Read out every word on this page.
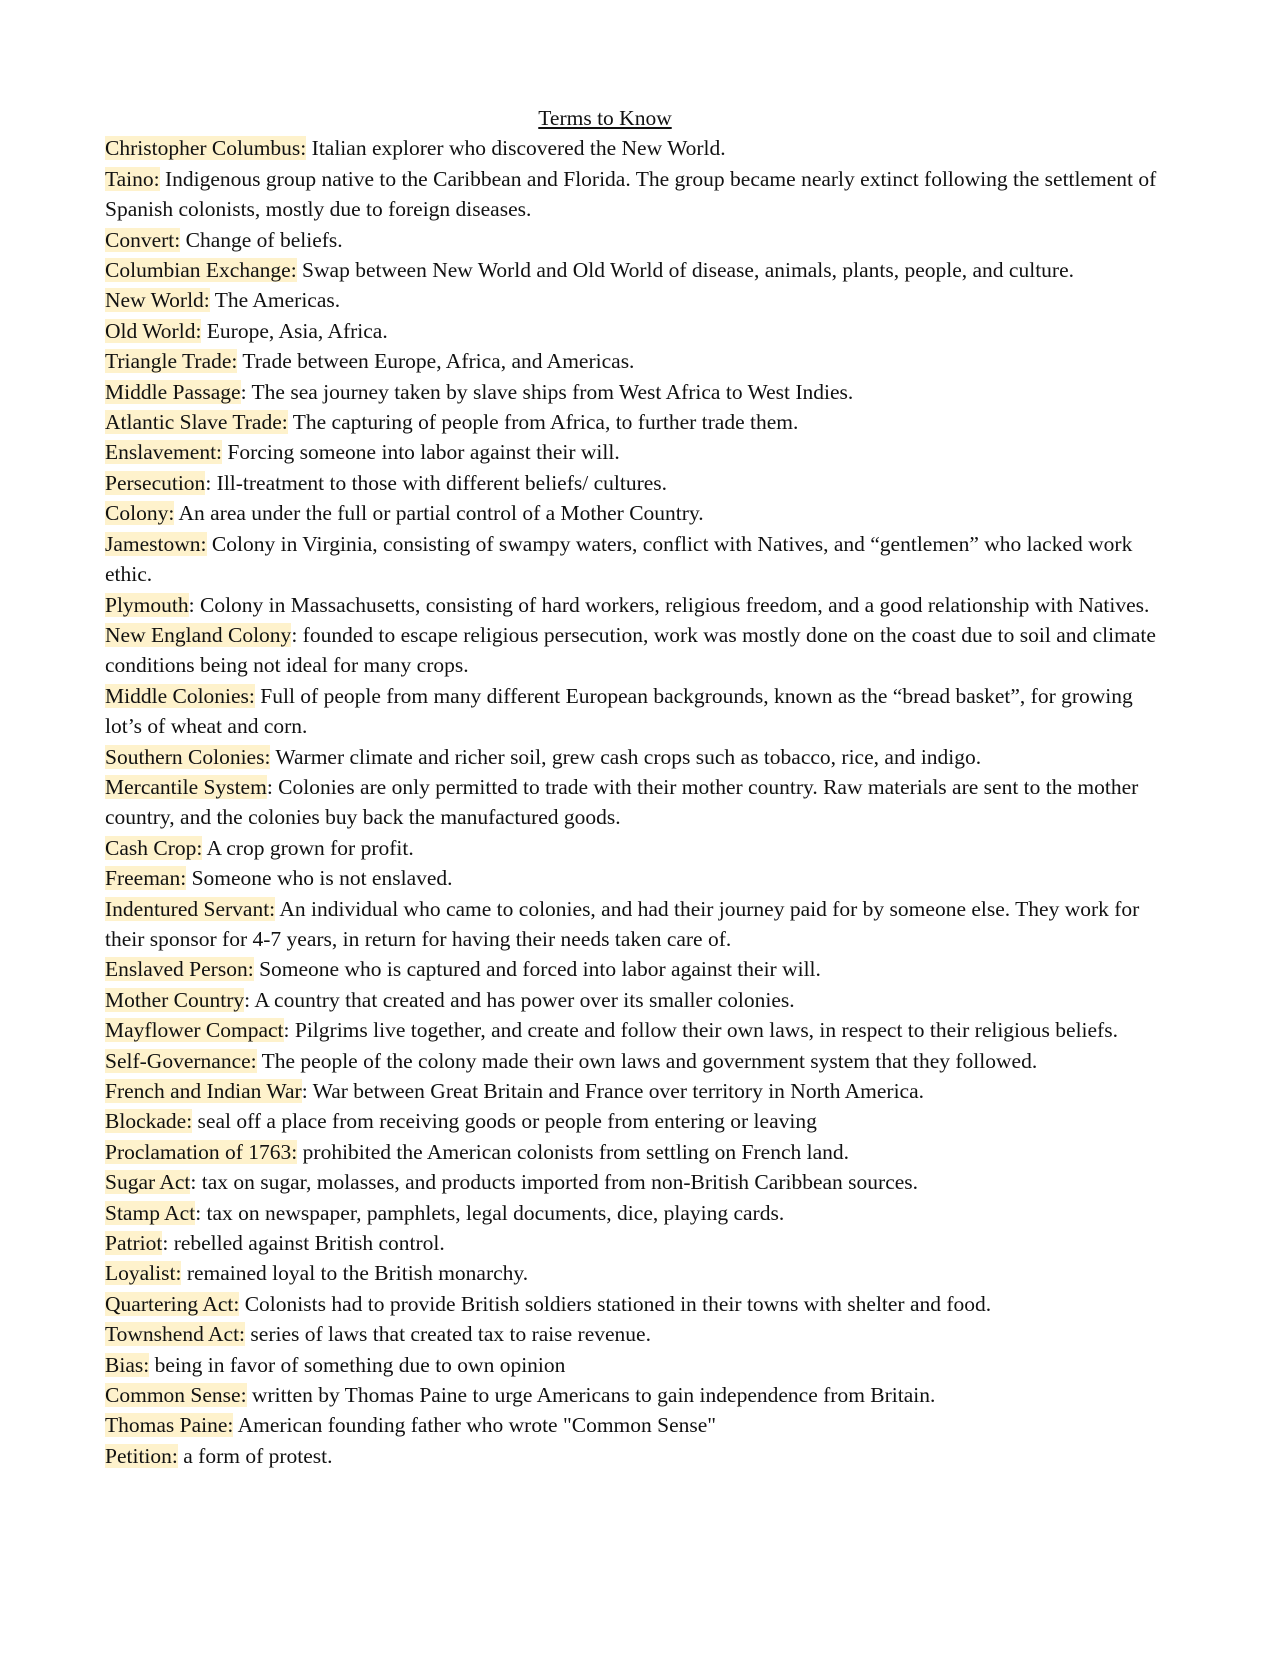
Terms to Know
Christopher Columbus: Italian explorer who discovered the New World.
Taino: Indigenous group native to the Caribbean and Florida. The group became nearly extinct following the settlement of Spanish colonists, mostly due to foreign diseases.
Convert: Change of beliefs.
Columbian Exchange: Swap between New World and Old World of disease, animals, plants, people, and culture.
New World: The Americas.
Old World: Europe, Asia, Africa.
Triangle Trade: Trade between Europe, Africa, and Americas.
Middle Passage: The sea journey taken by slave ships from West Africa to West Indies.
Atlantic Slave Trade: The capturing of people from Africa, to further trade them.
Enslavement: Forcing someone into labor against their will.
Persecution: Ill-treatment to those with different beliefs/ cultures.
Colony: An area under the full or partial control of a Mother Country.
Jamestown: Colony in Virginia, consisting of swampy waters, conflict with Natives, and “gentlemen” who lacked work ethic.
Plymouth: Colony in Massachusetts, consisting of hard workers, religious freedom, and a good relationship with Natives.
New England Colony: founded to escape religious persecution, work was mostly done on the coast due to soil and climate conditions being not ideal for many crops.
Middle Colonies: Full of people from many different European backgrounds, known as the “bread basket”, for growing lot’s of wheat and corn.
Southern Colonies: Warmer climate and richer soil, grew cash crops such as tobacco, rice, and indigo.
Mercantile System: Colonies are only permitted to trade with their mother country. Raw materials are sent to the mother country, and the colonies buy back the manufactured goods.
Cash Crop: A crop grown for profit.
Freeman: Someone who is not enslaved.
Indentured Servant: An individual who came to colonies, and had their journey paid for by someone else. They work for their sponsor for 4-7 years, in return for having their needs taken care of.
Enslaved Person: Someone who is captured and forced into labor against their will.
Mother Country: A country that created and has power over its smaller colonies.
Mayflower Compact: Pilgrims live together, and create and follow their own laws, in respect to their religious beliefs.
Self-Governance: The people of the colony made their own laws and government system that they followed.
French and Indian War: War between Great Britain and France over territory in North America.
Blockade: seal off a place from receiving goods or people from entering or leaving
Proclamation of 1763: prohibited the American colonists from settling on French land.
Sugar Act: tax on sugar, molasses, and products imported from non-British Caribbean sources.
Stamp Act: tax on newspaper, pamphlets, legal documents, dice, playing cards.
Patriot: rebelled against British control.
Loyalist: remained loyal to the British monarchy.
Quartering Act: Colonists had to provide British soldiers stationed in their towns with shelter and food.
Townshend Act: series of laws that created tax to raise revenue.
Bias: being in favor of something due to own opinion
Common Sense: written by Thomas Paine to urge Americans to gain independence from Britain.
Thomas Paine: American founding father who wrote "Common Sense"
Petition: a form of protest.
